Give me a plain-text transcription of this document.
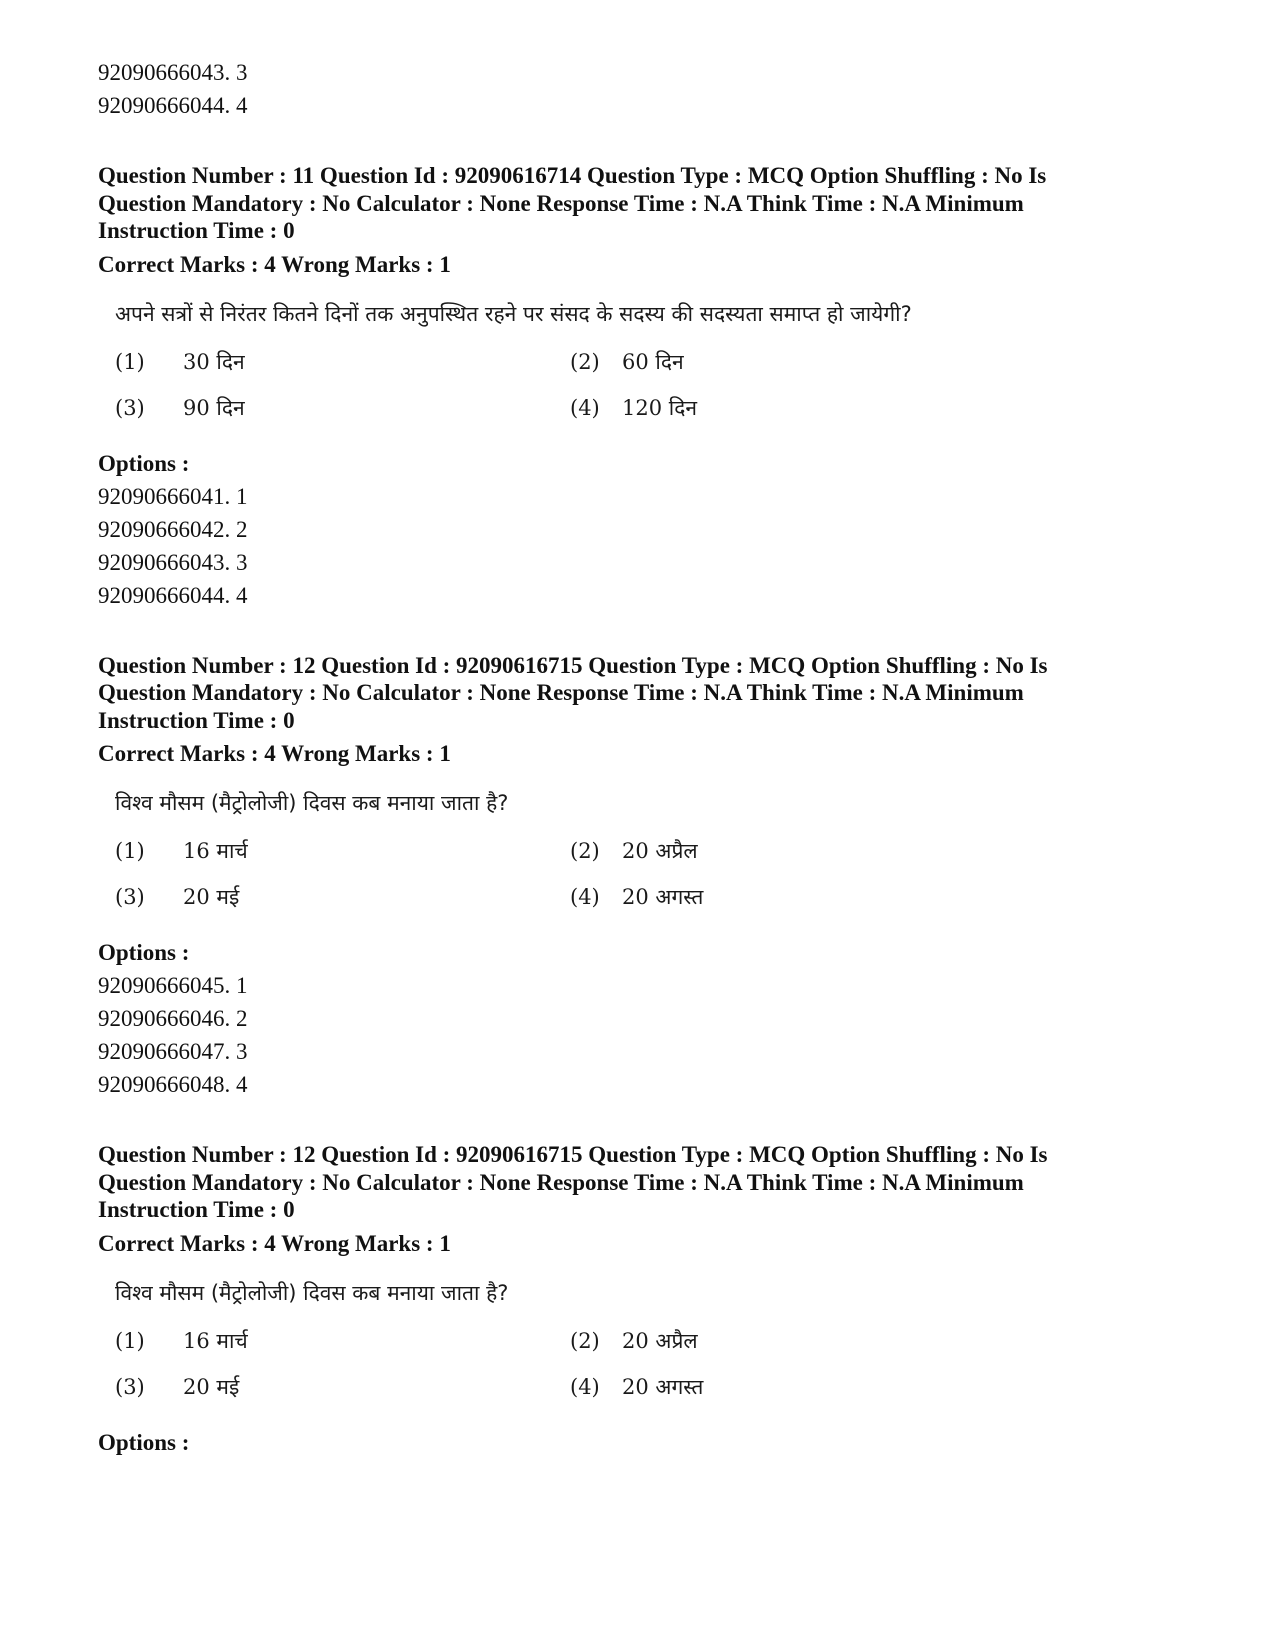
92090666043. 3
92090666044. 4
Question Number : 11 Question Id : 92090616714 Question Type : MCQ Option Shuffling : No Is
Question Mandatory : No Calculator : None Response Time : N.A Think Time : N.A Minimum
Instruction Time : 0
Correct Marks : 4 Wrong Marks : 1
अपने सत्रों से निरंतर कितने दिनों तक अनुपस्थित रहने पर संसद के सदस्य की सदस्यता समाप्त हो जायेगी?
(1) 30 दिन	(2) 60 दिन
(3) 90 दिन	(4) 120 दिन
Options :
92090666041. 1
92090666042. 2
92090666043. 3
92090666044. 4
Question Number : 12 Question Id : 92090616715 Question Type : MCQ Option Shuffling : No Is
Question Mandatory : No Calculator : None Response Time : N.A Think Time : N.A Minimum
Instruction Time : 0
Correct Marks : 4 Wrong Marks : 1
विश्व मौसम (मैट्रोलोजी) दिवस कब मनाया जाता है?
(1) 16 मार्च	(2) 20 अप्रैल
(3) 20 मई	(4) 20 अगस्त
Options :
92090666045. 1
92090666046. 2
92090666047. 3
92090666048. 4
Question Number : 12 Question Id : 92090616715 Question Type : MCQ Option Shuffling : No Is
Question Mandatory : No Calculator : None Response Time : N.A Think Time : N.A Minimum
Instruction Time : 0
Correct Marks : 4 Wrong Marks : 1
विश्व मौसम (मैट्रोलोजी) दिवस कब मनाया जाता है?
(1) 16 मार्च	(2) 20 अप्रैल
(3) 20 मई	(4) 20 अगस्त
Options :
